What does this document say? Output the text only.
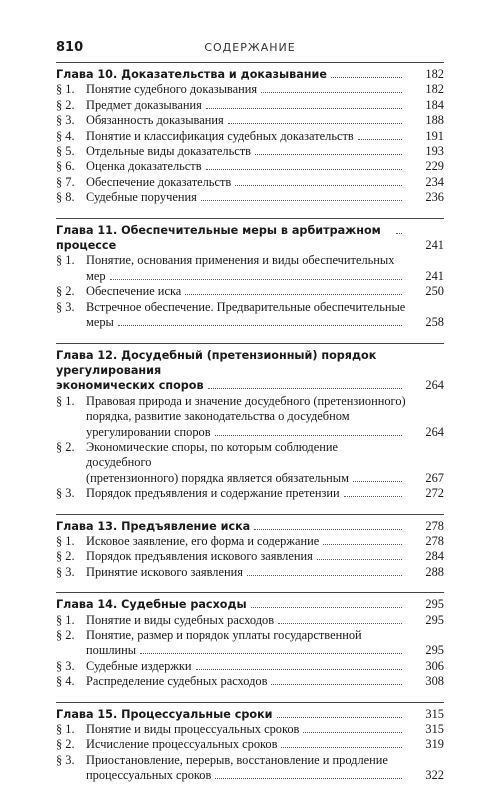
810	СОДЕРЖАНИЕ
Глава 10. Доказательства и доказывание	182
§ 1. Понятие судебного доказывания	182
§ 2. Предмет доказывания	184
§ 3. Обязанность доказывания	188
§ 4. Понятие и классификация судебных доказательств	191
§ 5. Отдельные виды доказательств	193
§ 6. Оценка доказательств	229
§ 7. Обеспечение доказательств	234
§ 8. Судебные поручения	236
Глава 11. Обеспечительные меры в арбитражном процессе	241
§ 1. Понятие, основания применения и виды обеспечительных
мер	241
§ 2. Обеспечение иска	250
§ 3. Встречное обеспечение. Предварительные обеспечительные
меры	258
Глава 12. Досудебный (претензионный) порядок урегулирования
экономических споров	264
§ 1. Правовая природа и значение досудебного (претензионного)
порядка, развитие законодательства о досудебном
урегулировании споров	264
§ 2. Экономические споры, по которым соблюдение досудебного
(претензионного) порядка является обязательным	267
§ 3. Порядок предъявления и содержание претензии	272
Глава 13. Предъявление иска	278
§ 1. Исковое заявление, его форма и содержание	278
§ 2. Порядок предъявления искового заявления	284
§ 3. Принятие искового заявления	288
Глава 14. Судебные расходы	295
§ 1. Понятие и виды судебных расходов	295
§ 2. Понятие, размер и порядок уплаты государственной
пошлины	295
§ 3. Судебные издержки	306
§ 4. Распределение судебных расходов	308
Глава 15. Процессуальные сроки	315
§ 1. Понятие и виды процессуальных сроков	315
§ 2. Исчисление процессуальных сроков	319
§ 3. Приостановление, перерыв, восстановление и продление
процессуальных сроков	322
